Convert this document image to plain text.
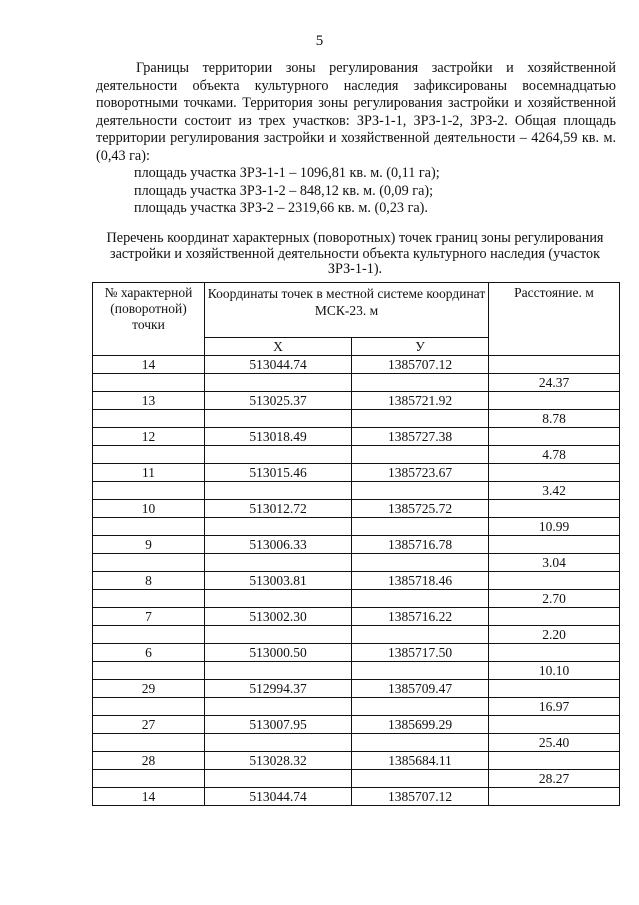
5

Границы территории зоны регулирования застройки и хозяйственной деятельности объекта культурного наследия зафиксированы восемнадцатью поворотными точками. Территория зоны регулирования застройки и хозяйственной деятельности состоит из трех участков: ЗРЗ-1-1, ЗРЗ-1-2, ЗРЗ-2. Общая площадь территории регулирования застройки и хозяйственной деятельности – 4264,59 кв. м. (0,43 га):

площадь участка ЗРЗ-1-1 – 1096,81 кв. м. (0,11 га);
площадь участка ЗРЗ-1-2 – 848,12 кв. м. (0,09 га);
площадь участка ЗРЗ-2 – 2319,66 кв. м. (0,23 га).
Перечень координат характерных (поворотных) точек границ зоны регулирования застройки и хозяйственной деятельности объекта культурного наследия (участок ЗРЗ-1-1).
№ характерной (поворотной) точки	Координаты точек в местной системе координат МСК-23. м		Расстояние. м
	Х	У	
14	513044.74	1385707.12	
			24.37
13	513025.37	1385721.92	
			8.78
12	513018.49	1385727.38	
			4.78
11	513015.46	1385723.67	
			3.42
10	513012.72	1385725.72	
			10.99
9	513006.33	1385716.78	
			3.04
8	513003.81	1385718.46	
			2.70
7	513002.30	1385716.22	
			2.20
6	513000.50	1385717.50	
			10.10
29	512994.37	1385709.47	
			16.97
27	513007.95	1385699.29	
			25.40
28	513028.32	1385684.11	
			28.27
14	513044.74	1385707.12	
